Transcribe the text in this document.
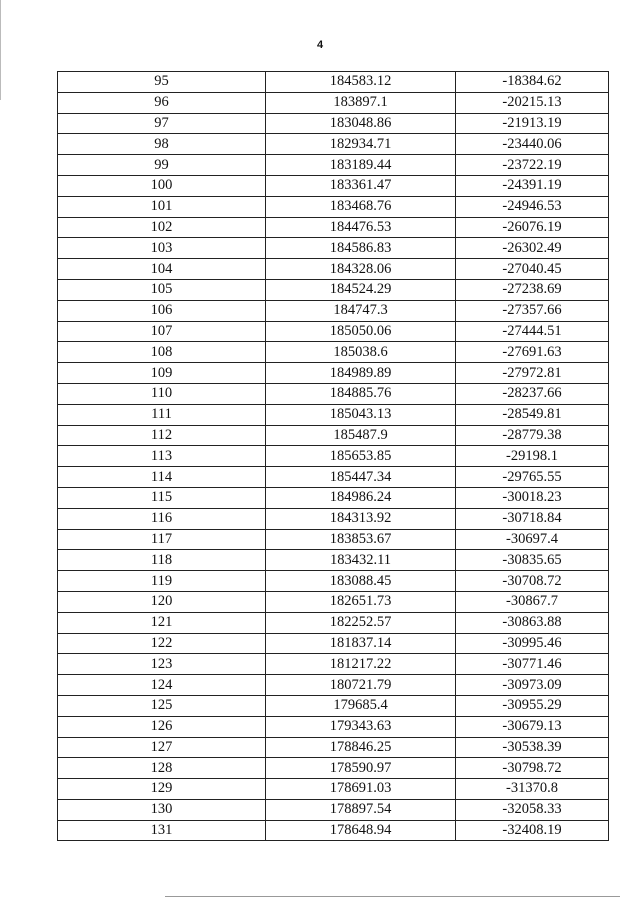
4
95	184583.12	-18384.62
96	183897.1	-20215.13
97	183048.86	-21913.19
98	182934.71	-23440.06
99	183189.44	-23722.19
100	183361.47	-24391.19
101	183468.76	-24946.53
102	184476.53	-26076.19
103	184586.83	-26302.49
104	184328.06	-27040.45
105	184524.29	-27238.69
106	184747.3	-27357.66
107	185050.06	-27444.51
108	185038.6	-27691.63
109	184989.89	-27972.81
110	184885.76	-28237.66
111	185043.13	-28549.81
112	185487.9	-28779.38
113	185653.85	-29198.1
114	185447.34	-29765.55
115	184986.24	-30018.23
116	184313.92	-30718.84
117	183853.67	-30697.4
118	183432.11	-30835.65
119	183088.45	-30708.72
120	182651.73	-30867.7
121	182252.57	-30863.88
122	181837.14	-30995.46
123	181217.22	-30771.46
124	180721.79	-30973.09
125	179685.4	-30955.29
126	179343.63	-30679.13
127	178846.25	-30538.39
128	178590.97	-30798.72
129	178691.03	-31370.8
130	178897.54	-32058.33
131	178648.94	-32408.19
